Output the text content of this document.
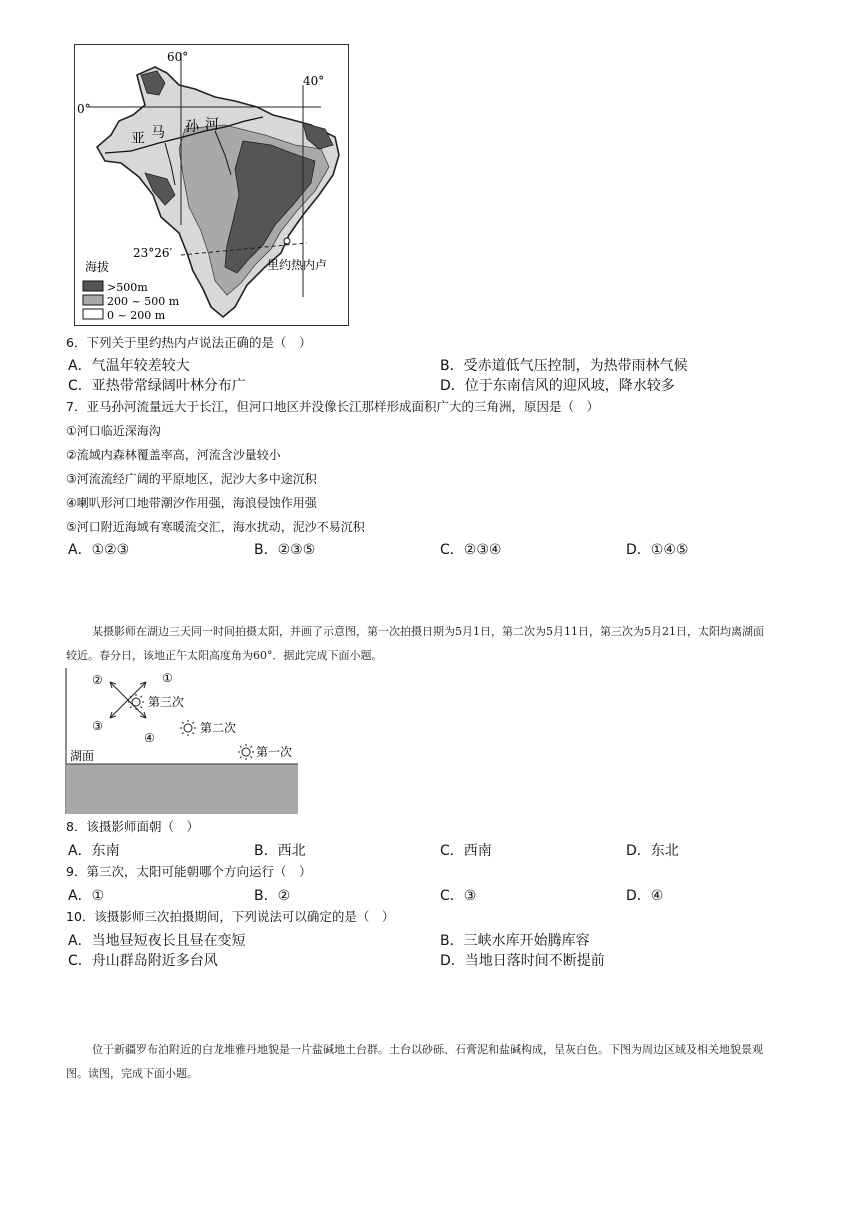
60°
40°
0°
23°26′
亚 马 孙 河
里约热内卢
海拔
>500m
200 ~ 500 m
0 ~ 200 m
6．下列关于里约热内卢说法正确的是（　）
A．气温年较差较大	B．受赤道低气压控制，为热带雨林气候
C．亚热带常绿阔叶林分布广	D．位于东南信风的迎风坡，降水较多
7．亚马孙河流量远大于长江，但河口地区并没像长江那样形成面积广大的三角洲，原因是（　）
①河口临近深海沟
②流域内森林覆盖率高，河流含沙量较小
③河流流经广阔的平原地区，泥沙大多中途沉积
④喇叭形河口地带潮汐作用强，海浪侵蚀作用强
⑤河口附近海域有寒暖流交汇，海水扰动，泥沙不易沉积
A．①②③	B．②③⑤	C．②③④	D．①④⑤
某摄影师在湖边三天同一时间拍摄太阳，并画了示意图，第一次拍摄日期为5月1日，第二次为5月11日，第三次为5月21日，太阳均离湖面
较近。春分日，该地正午太阳高度角为60°．据此完成下面小题。
②	①
③
④
第三次
第二次
第一次
湖面
8．该摄影师面朝（　）
A．东南	B．西北	C．西南	D．东北
9．第三次，太阳可能朝哪个方向运行（　）
A．①	B．②	C．③	D．④
10．该摄影师三次拍摄期间，下列说法可以确定的是（　）
A．当地昼短夜长且昼在变短	B．三峡水库开始腾库容
C．舟山群岛附近多台风	D．当地日落时间不断提前
位于新疆罗布泊附近的白龙堆雅丹地貌是一片盐碱地土台群。土台以砂砾、石膏泥和盐碱构成，呈灰白色。下图为周边区域及相关地貌景观
图。读图，完成下面小题。
